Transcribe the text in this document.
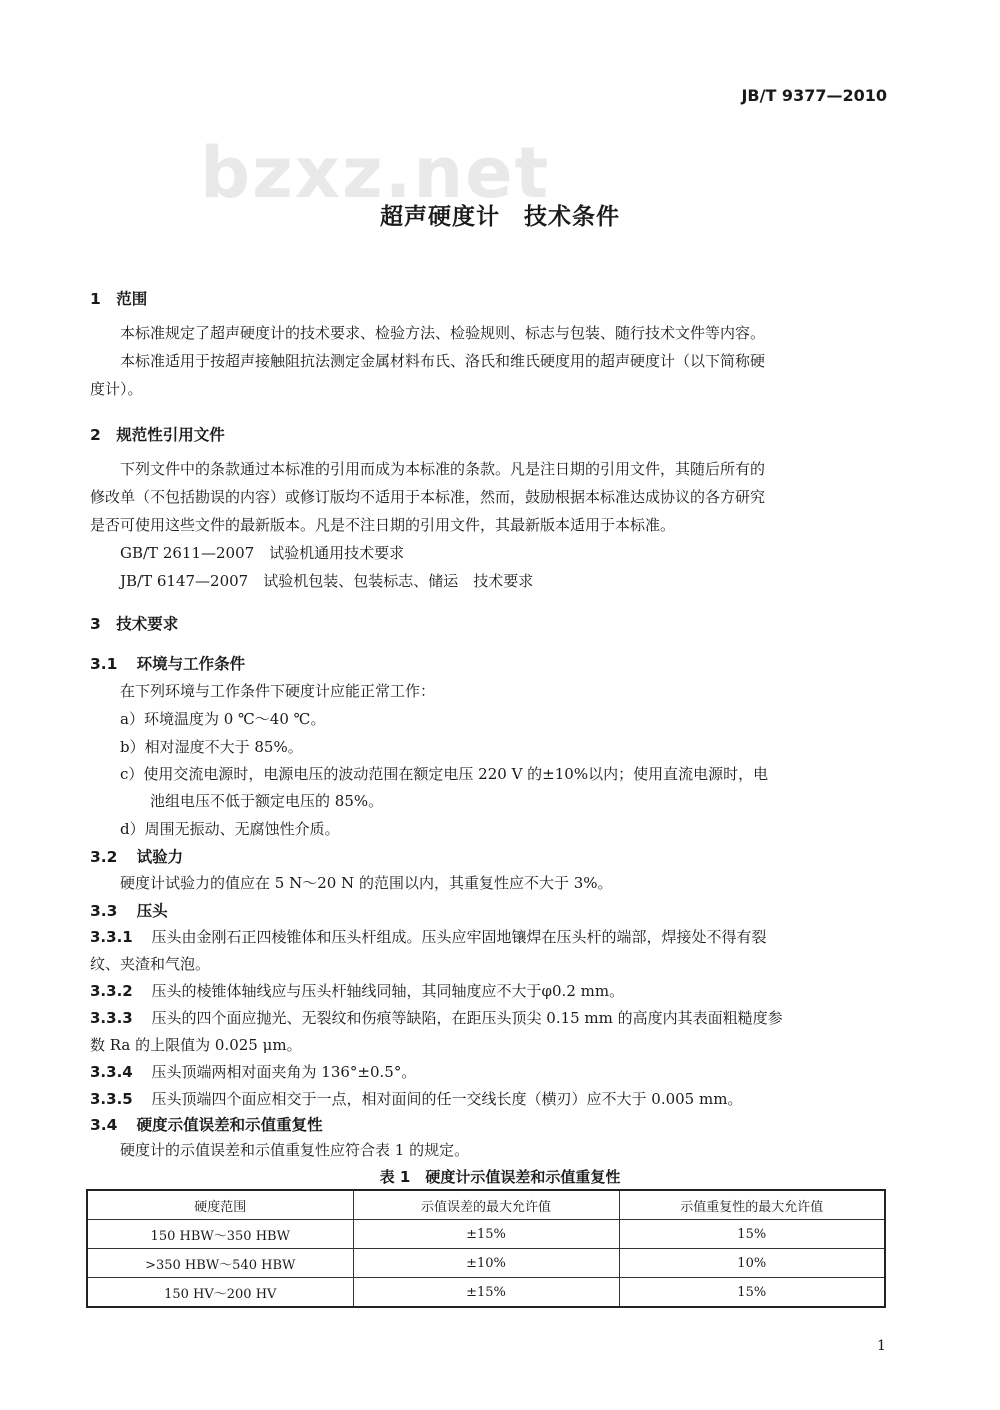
JB/T 9377—2010
bzxz.net
超声硬度计　技术条件
1　范围
本标准规定了超声硬度计的技术要求、检验方法、检验规则、标志与包装、随行技术文件等内容。
本标准适用于按超声接触阻抗法测定金属材料布氏、洛氏和维氏硬度用的超声硬度计（以下简称硬
度计）。
2　规范性引用文件
下列文件中的条款通过本标准的引用而成为本标准的条款。凡是注日期的引用文件，其随后所有的
修改单（不包括勘误的内容）或修订版均不适用于本标准，然而，鼓励根据本标准达成协议的各方研究
是否可使用这些文件的最新版本。凡是不注日期的引用文件，其最新版本适用于本标准。
GB/T 2611—2007　试验机通用技术要求
JB/T 6147—2007　试验机包装、包装标志、储运　技术要求
3　技术要求
3.1 环境与工作条件
在下列环境与工作条件下硬度计应能正常工作：
a）环境温度为 0 ℃～40 ℃。
b）相对湿度不大于 85%。
c）使用交流电源时，电源电压的波动范围在额定电压 220 V 的±10%以内；使用直流电源时，电
池组电压不低于额定电压的 85%。
d）周围无振动、无腐蚀性介质。
3.2 试验力
硬度计试验力的值应在 5 N～20 N 的范围以内，其重复性应不大于 3%。
3.3 压头
3.3.1 压头由金刚石正四棱锥体和压头杆组成。压头应牢固地镶焊在压头杆的端部，焊接处不得有裂
纹、夹渣和气泡。
3.3.2 压头的棱锥体轴线应与压头杆轴线同轴，其同轴度应不大于φ0.2 mm。
3.3.3 压头的四个面应抛光、无裂纹和伤痕等缺陷，在距压头顶尖 0.15 mm 的高度内其表面粗糙度参
数 Ra 的上限值为 0.025 μm。
3.3.4 压头顶端两相对面夹角为 136°±0.5°。
3.3.5 压头顶端四个面应相交于一点，相对面间的任一交线长度（横刃）应不大于 0.005 mm。
3.4 硬度示值误差和示值重复性
硬度计的示值误差和示值重复性应符合表 1 的规定。
表 1　硬度计示值误差和示值重复性
硬度范围	示值误差的最大允许值	示值重复性的最大允许值
150 HBW～350 HBW	±15%	15%
>350 HBW～540 HBW	±10%	10%
150 HV～200 HV	±15%	15%
1
